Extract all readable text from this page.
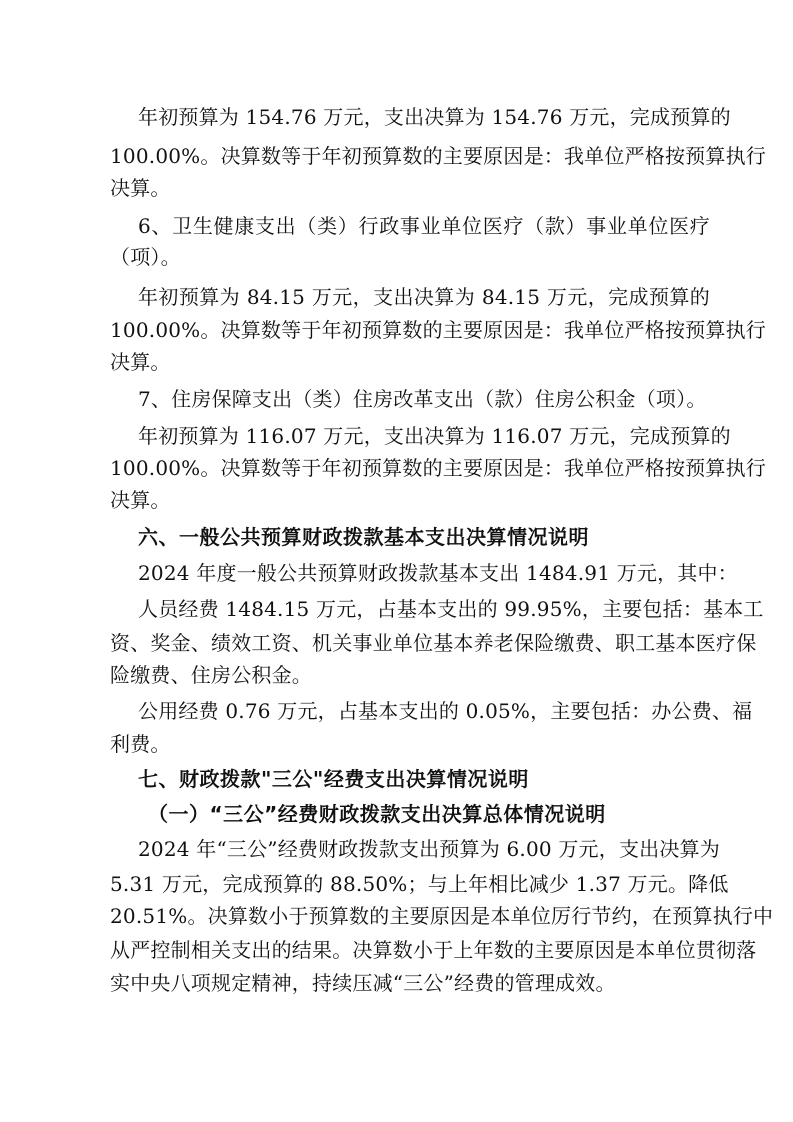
年初预算为 154.76 万元，支出决算为 154.76 万元，完成预算的
100.00%。决算数等于年初预算数的主要原因是：我单位严格按预算执行
决算。
6、卫生健康支出（类）行政事业单位医疗（款）事业单位医疗
（项）。
年初预算为 84.15 万元，支出决算为 84.15 万元，完成预算的
100.00%。决算数等于年初预算数的主要原因是：我单位严格按预算执行
决算。
7、住房保障支出（类）住房改革支出（款）住房公积金（项）。
年初预算为 116.07 万元，支出决算为 116.07 万元，完成预算的
100.00%。决算数等于年初预算数的主要原因是：我单位严格按预算执行
决算。
六、一般公共预算财政拨款基本支出决算情况说明
2024 年度一般公共预算财政拨款基本支出 1484.91 万元，其中：
人员经费 1484.15 万元，占基本支出的 99.95%，主要包括：基本工
资、奖金、绩效工资、机关事业单位基本养老保险缴费、职工基本医疗保
险缴费、住房公积金。
公用经费 0.76 万元，占基本支出的 0.05%，主要包括：办公费、福
利费。
七、财政拨款"三公"经费支出决算情况说明
（一）“三公”经费财政拨款支出决算总体情况说明
2024 年“三公”经费财政拨款支出预算为 6.00 万元，支出决算为
5.31 万元，完成预算的 88.50%；与上年相比减少 1.37 万元。降低
20.51%。决算数小于预算数的主要原因是本单位厉行节约，在预算执行中
从严控制相关支出的结果。决算数小于上年数的主要原因是本单位贯彻落
实中央八项规定精神，持续压减“三公”经费的管理成效。
